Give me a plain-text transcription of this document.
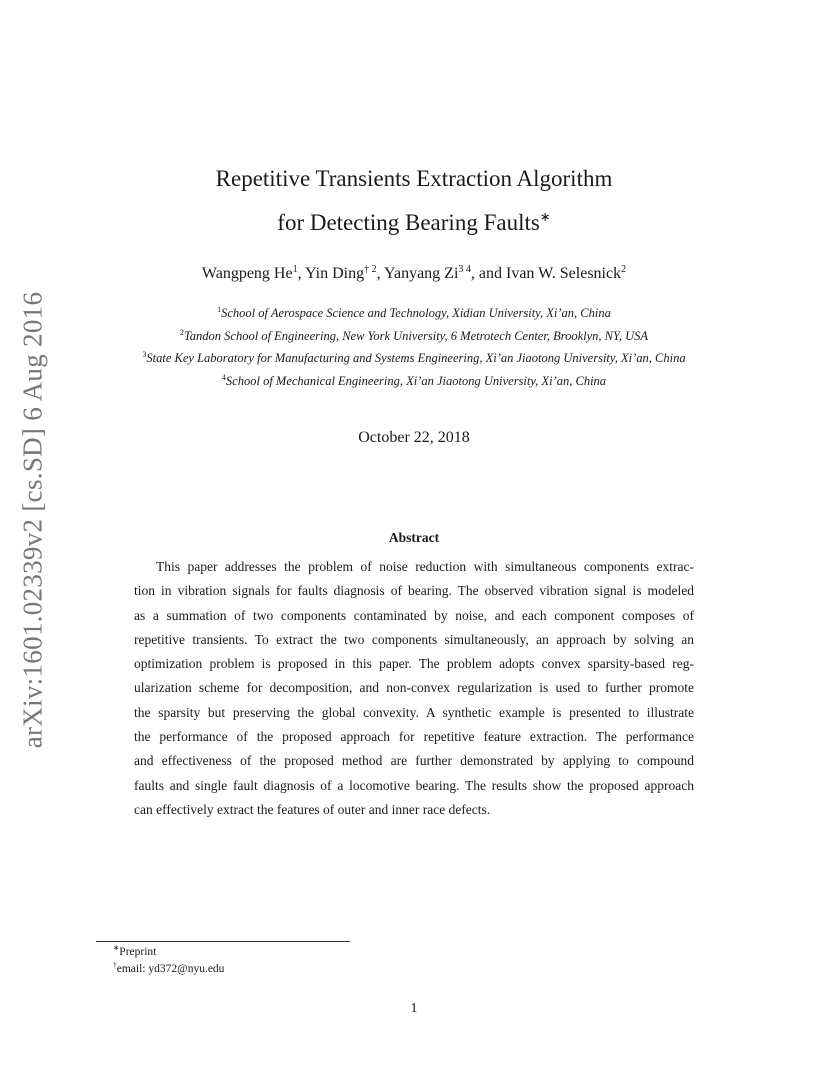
arXiv:1601.02339v2 [cs.SD] 6 Aug 2016
Repetitive Transients Extraction Algorithm
for Detecting Bearing Faults∗
Wangpeng He$^1$, Yin Ding$^{\dagger 2}$, Yanyang $Zi^{3 4}$, and Ivan W. Selesnick$^2$
$^1$School of Aerospace Science and Technology, Xidian University, Xi’an, China
$^2$Tandon School of Engineering, New York University, 6 Metrotech Center, Brooklyn, NY, USA
$^3$State Key Laboratory for Manufacturing and Systems Engineering, Xi’an Jiaotong University, Xi’an, China
$^4$School of Mechanical Engineering, Xi’an Jiaotong University, Xi’an, China
October 22, 2018
Abstract
This paper addresses the problem of noise reduction with simultaneous components extrac-
tion in vibration signals for faults diagnosis of bearing. The observed vibration signal is modeled
as a summation of two components contaminated by noise, and each component composes of
repetitive transients. To extract the two components simultaneously, an approach by solving an
optimization problem is proposed in this paper. The problem adopts convex sparsity-based reg-
ularization scheme for decomposition, and non-convex regularization is used to further promote
the sparsity but preserving the global convexity. A synthetic example is presented to illustrate
the performance of the proposed approach for repetitive feature extraction. The performance
and effectiveness of the proposed method are further demonstrated by applying to compound
faults and single fault diagnosis of a locomotive bearing. The results show the proposed approach
can effectively extract the features of outer and inner race defects.
∗Preprint
†email: yd372@nyu.edu
1
